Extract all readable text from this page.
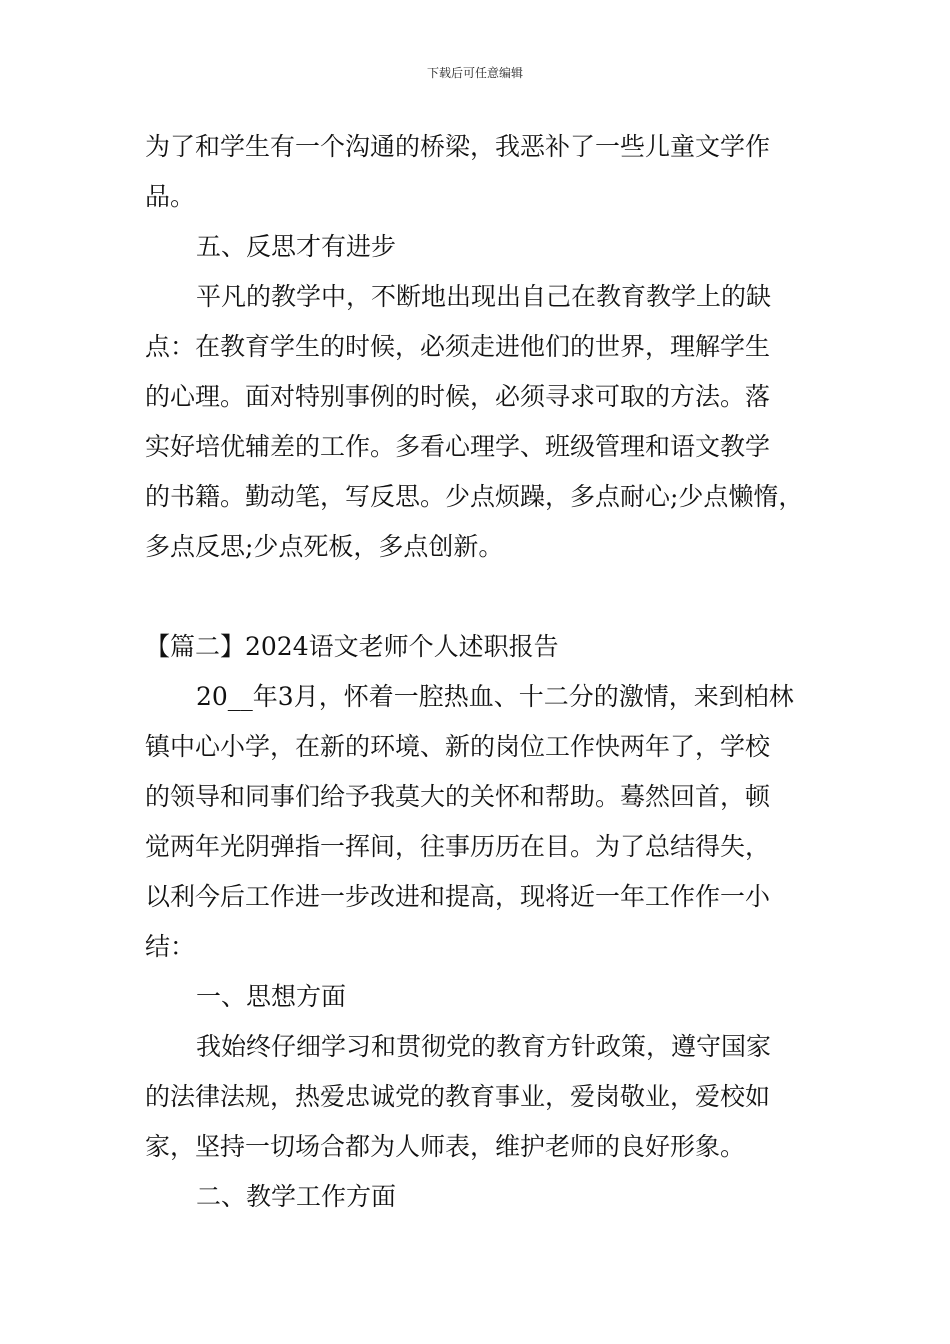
下载后可任意编辑
为了和学生有一个沟通的桥梁，我恶补了一些儿童文学作
品。
五、反思才有进步
平凡的教学中，不断地出现出自己在教育教学上的缺
点：在教育学生的时候，必须走进他们的世界，理解学生
的心理。面对特别事例的时候，必须寻求可取的方法。落
实好培优辅差的工作。多看心理学、班级管理和语文教学
的书籍。勤动笔，写反思。少点烦躁，多点耐心;少点懒惰，
多点反思;少点死板，多点创新。
【篇二】2024语文老师个人述职报告
20__年3月，怀着一腔热血、十二分的激情，来到柏林
镇中心小学，在新的环境、新的岗位工作快两年了，学校
的领导和同事们给予我莫大的关怀和帮助。蓦然回首，顿
觉两年光阴弹指一挥间，往事历历在目。为了总结得失，
以利今后工作进一步改进和提高，现将近一年工作作一小
结：
一、思想方面
我始终仔细学习和贯彻党的教育方针政策，遵守国家
的法律法规，热爱忠诚党的教育事业，爱岗敬业，爱校如
家，坚持一切场合都为人师表，维护老师的良好形象。
二、教学工作方面
